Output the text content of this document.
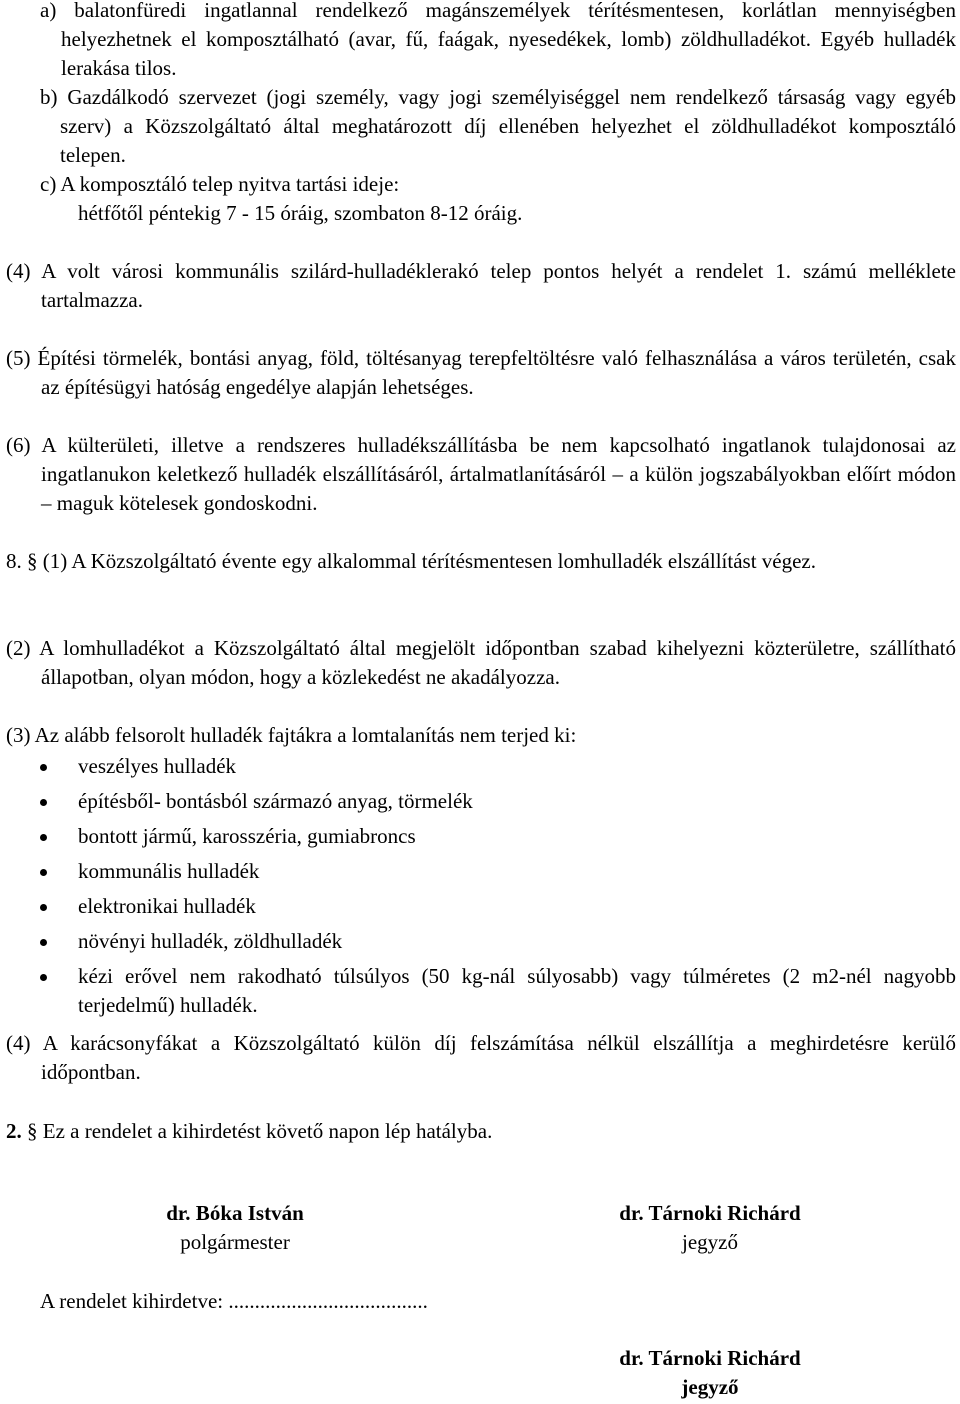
a) balatonfüredi ingatlannal rendelkező magánszemélyek térítésmentesen, korlátlan mennyiségben helyezhetnek el komposztálható (avar, fű, faágak, nyesedékek, lomb) zöldhulladékot. Egyéb hulladék lerakása tilos.

b) Gazdálkodó szervezet (jogi személy, vagy jogi személyiséggel nem rendelkező társaság vagy egyéb szerv) a Közszolgáltató által meghatározott díj ellenében helyezhet el zöldhulladékot komposztáló telepen.

c) A komposztáló telep nyitva tartási ideje:

hétfőtől péntekig 7 - 15 óráig, szombaton 8-12 óráig.

(4) A volt városi kommunális szilárd-hulladéklerakó telep pontos helyét a rendelet 1. számú melléklete tartalmazza.

(5) Építési törmelék, bontási anyag, föld, töltésanyag terepfeltöltésre való felhasználása a város területén, csak az építésügyi hatóság engedélye alapján lehetséges.

(6) A külterületi, illetve a rendszeres hulladékszállításba be nem kapcsolható ingatlanok tulajdonosai az ingatlanukon keletkező hulladék elszállításáról, ártalmatlanításáról – a külön jogszabályokban előírt módon – maguk kötelesek gondoskodni.

8. § (1) A Közszolgáltató évente egy alkalommal térítésmentesen lomhulladék elszállítást végez.

(2) A lomhulladékot a Közszolgáltató által megjelölt időpontban szabad kihelyezni közterületre, szállítható állapotban, olyan módon, hogy a közlekedést ne akadályozza.

(3) Az alább felsorolt hulladék fajtákra a lomtalanítás nem terjed ki:

veszélyes hulladék
építésből- bontásból származó anyag, törmelék
bontott jármű, karosszéria, gumiabroncs
kommunális hulladék
elektronikai hulladék
növényi hulladék, zöldhulladék
kézi erővel nem rakodható túlsúlyos (50 kg-nál súlyosabb) vagy túlméretes (2 m2-nél nagyobb terjedelmű) hulladék.

(4) A karácsonyfákat a Közszolgáltató külön díj felszámítása nélkül elszállítja a meghirdetésre kerülő időpontban.

2. § Ez a rendelet a kihirdetést követő napon lép hatályba.

dr. Bóka István
polgármester
dr. Tárnoki Richárd
jegyző

A rendelet kihirdetve: ......................................

dr. Tárnoki Richárd
jegyző
